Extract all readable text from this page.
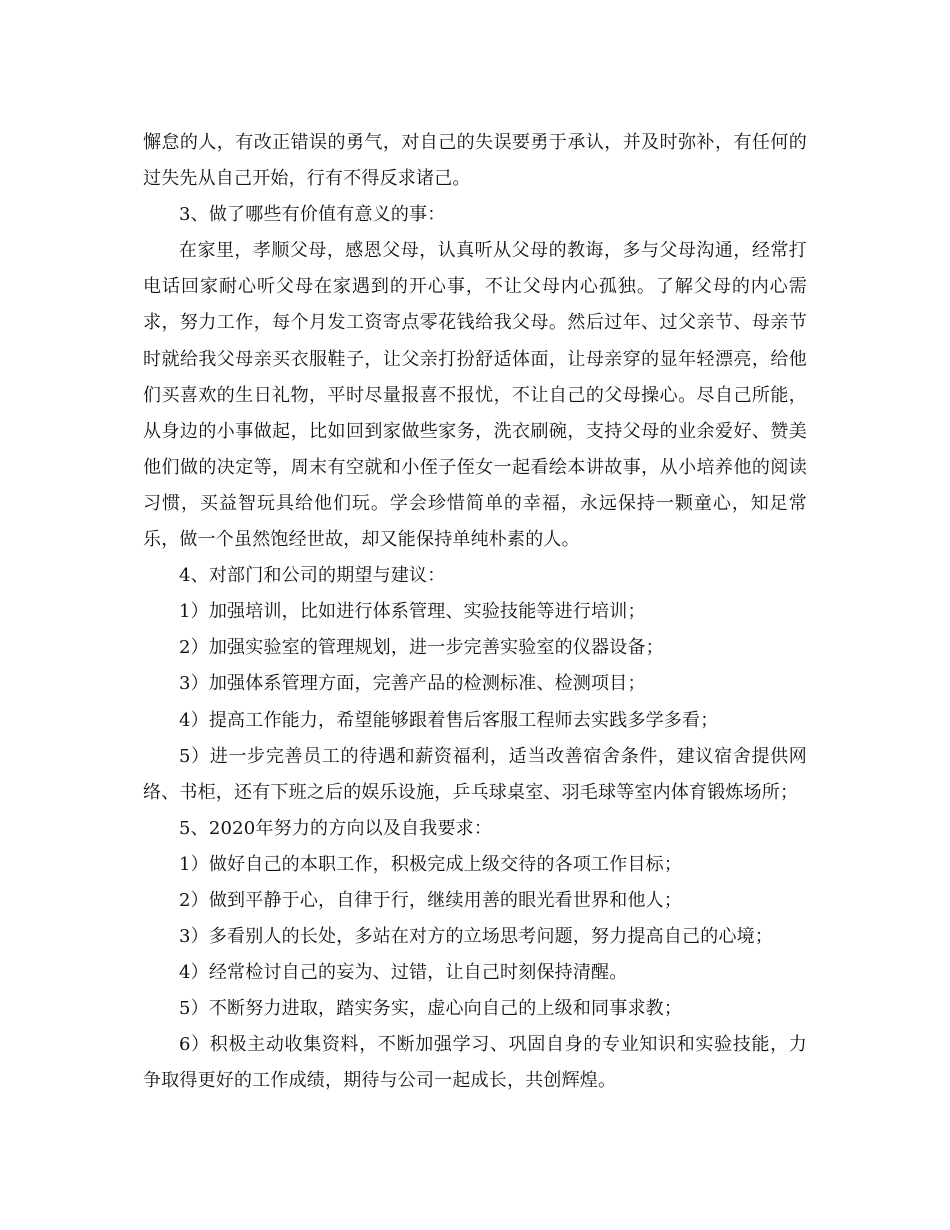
懈怠的人，有改正错误的勇气，对自己的失误要勇于承认，并及时弥补，有任何的过失先从自己开始，行有不得反求诸己。

3、做了哪些有价值有意义的事：

在家里，孝顺父母，感恩父母，认真听从父母的教诲，多与父母沟通，经常打电话回家耐心听父母在家遇到的开心事，不让父母内心孤独。了解父母的内心需求，努力工作，每个月发工资寄点零花钱给我父母。然后过年、过父亲节、母亲节时就给我父母亲买衣服鞋子，让父亲打扮舒适体面，让母亲穿的显年轻漂亮，给他们买喜欢的生日礼物，平时尽量报喜不报忧，不让自己的父母操心。尽自己所能，从身边的小事做起，比如回到家做些家务，洗衣刷碗，支持父母的业余爱好、赞美他们做的决定等，周末有空就和小侄子侄女一起看绘本讲故事，从小培养他的阅读习惯，买益智玩具给他们玩。学会珍惜简单的幸福，永远保持一颗童心，知足常乐，做一个虽然饱经世故，却又能保持单纯朴素的人。

4、对部门和公司的期望与建议：

1）加强培训，比如进行体系管理、实验技能等进行培训；

2）加强实验室的管理规划，进一步完善实验室的仪器设备；

3）加强体系管理方面，完善产品的检测标准、检测项目；

4）提高工作能力，希望能够跟着售后客服工程师去实践多学多看；

5）进一步完善员工的待遇和薪资福利，适当改善宿舍条件，建议宿舍提供网络、书柜，还有下班之后的娱乐设施，乒乓球桌室、羽毛球等室内体育锻炼场所；

5、2020年努力的方向以及自我要求：

1）做好自己的本职工作，积极完成上级交待的各项工作目标；

2）做到平静于心，自律于行，继续用善的眼光看世界和他人；

3）多看别人的长处，多站在对方的立场思考问题，努力提高自己的心境；

4）经常检讨自己的妄为、过错，让自己时刻保持清醒。

5）不断努力进取，踏实务实，虚心向自己的上级和同事求教；

6）积极主动收集资料，不断加强学习、巩固自身的专业知识和实验技能，力争取得更好的工作成绩，期待与公司一起成长，共创辉煌。
